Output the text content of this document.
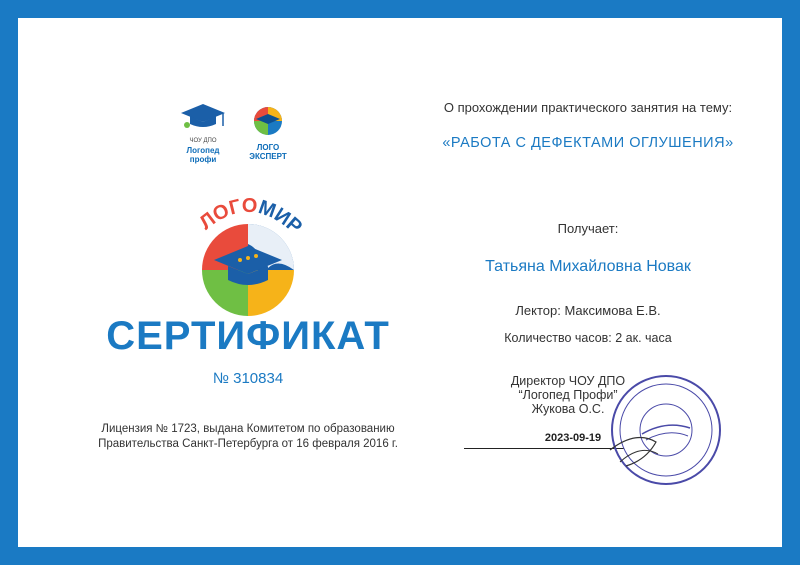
ЧОУ ДПО
Логопед
профи
ЛОГО
ЭКСПЕРТ
ЛОГОМИР
СЕРТИФИКАТ
№ 310834
Лицензия № 1723, выдана Комитетом по образованию
Правительства Санкт-Петербурга от 16 февраля 2016 г.
О прохождении практического занятия на тему:
«РАБОТА С ДЕФЕКТАМИ ОГЛУШЕНИЯ»
Получает:
Татьяна Михайловна Новак
Лектор: Максимова Е.В.
Количество часов: 2 ак. часа
Директор ЧОУ ДПО
“Логопед Профи”
Жукова О.С.
2023-09-19
